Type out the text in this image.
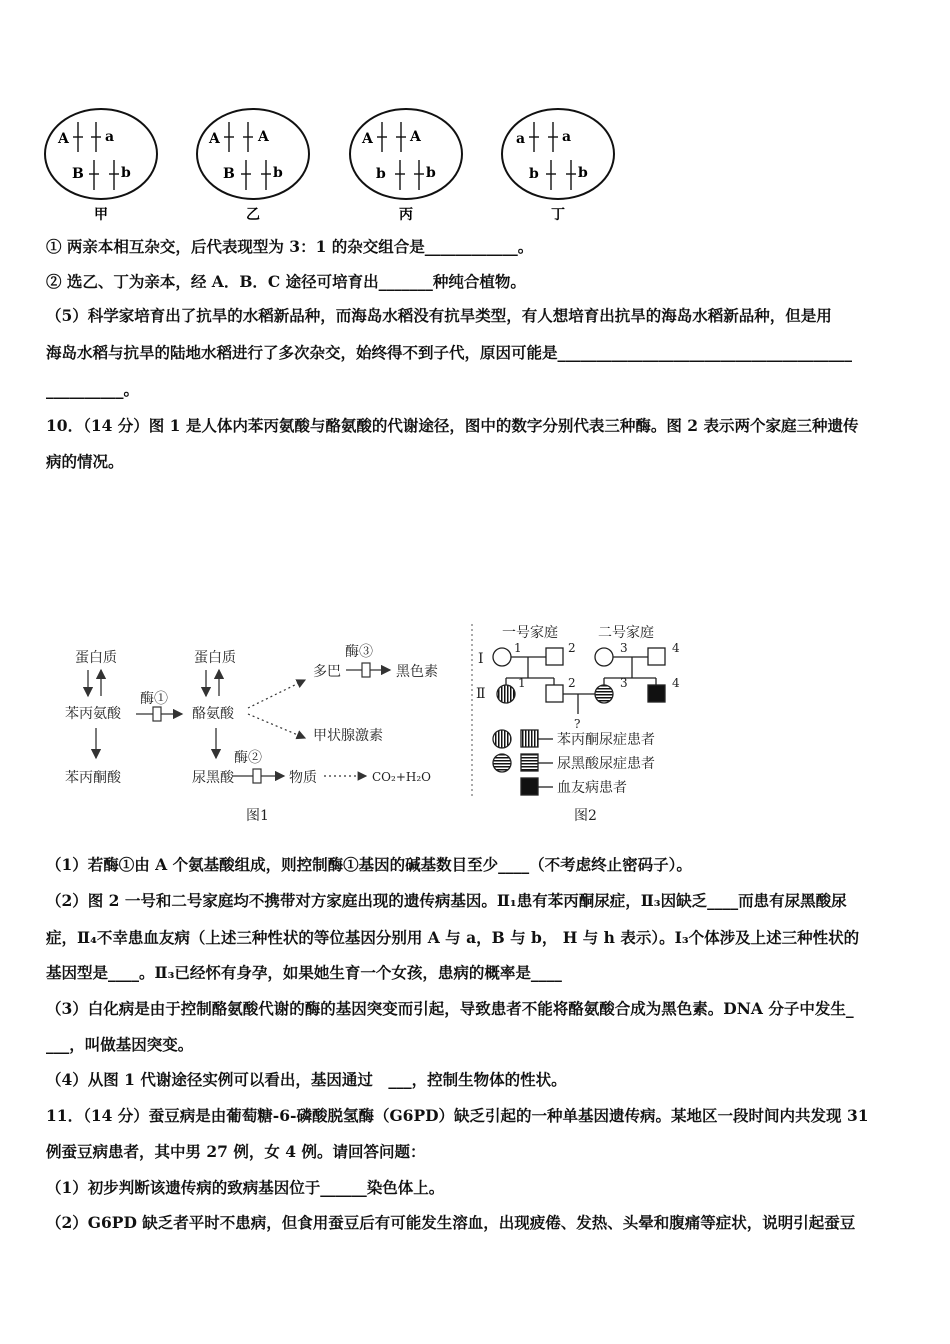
A	a
B	b
甲
A	A
B	b
乙
A	A
b	b
丙
a	a
b	b
丁
① 两亲本相互杂交，后代表现型为 3：1 的杂交组合是____________。
② 选乙、丁为亲本，经 A．B．C 途径可培育出_______种纯合植物。
（5）科学家培育出了抗旱的水稻新品种，而海岛水稻没有抗旱类型，有人想培育出抗旱的海岛水稻新品种，但是用
海岛水稻与抗旱的陆地水稻进行了多次杂交，始终得不到子代，原因可能是______________________________________
__________。
10．（14 分）图 1 是人体内苯丙氨酸与酪氨酸的代谢途径，图中的数字分别代表三种酶。图 2 表示两个家庭三种遗传
病的情况。
蛋白质
苯丙氨酸
苯丙酮酸
酶①
蛋白质
酪氨酸
尿黑酸
多巴
酶③
黑色素
甲状腺激素
酶②
物质	CO₂+H₂O
图1
一号家庭	二号家庭
I
Ⅱ
1	2	3	4
1	2	3	4
?
苯丙酮尿症患者
尿黑酸尿症患者
血友病患者
图2
（1）若酶①由 A 个氨基酸组成，则控制酶①基因的碱基数目至少____（不考虑终止密码子）。
（2）图 2 一号和二号家庭均不携带对方家庭出现的遗传病基因。Ⅱ₁患有苯丙酮尿症，Ⅱ₃因缺乏____而患有尿黑酸尿
症，Ⅱ₄不幸患血友病（上述三种性状的等位基因分别用 A 与 a，B 与 b， H 与 h 表示）。I₃个体涉及上述三种性状的
基因型是____。Ⅱ₃已经怀有身孕，如果她生育一个女孩，患病的概率是____
（3）白化病是由于控制酪氨酸代谢的酶的基因突变而引起，导致患者不能将酪氨酸合成为黑色素。DNA 分子中发生_
___，叫做基因突变。
（4）从图 1 代谢途径实例可以看出，基因通过　___，控制生物体的性状。
11．（14 分）蚕豆病是由葡萄糖-6-磷酸脱氢酶（G6PD）缺乏引起的一种单基因遗传病。某地区一段时间内共发现 31
例蚕豆病患者，其中男 27 例，女 4 例。请回答问题：
（1）初步判断该遗传病的致病基因位于______染色体上。
（2）G6PD 缺乏者平时不患病，但食用蚕豆后有可能发生溶血，出现疲倦、发热、头晕和腹痛等症状，说明引起蚕豆
